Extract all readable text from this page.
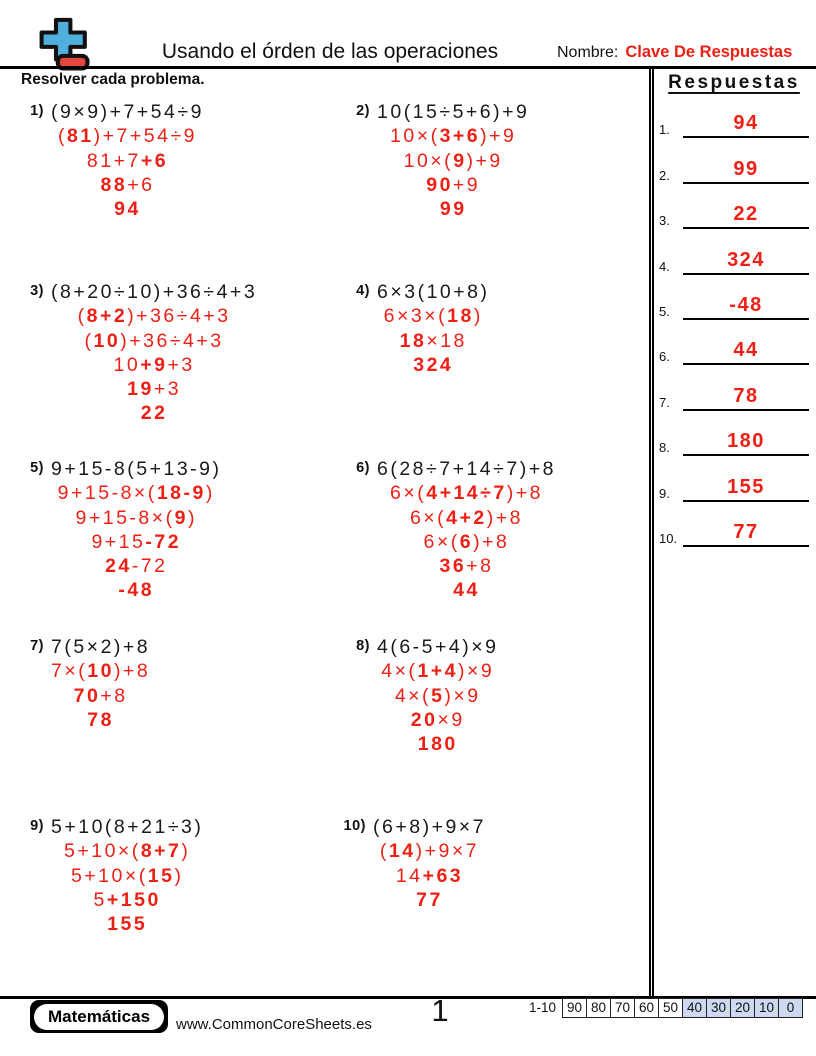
Usando el órden de las operaciones	Nombre: Clave De Respuestas
Resolver cada problema.
1) (9×9)+7+54÷9
(81)+7+54÷9
81+7+6
88+6
94
2) 10(15÷5+6)+9
10×(3+6)+9
10×(9)+9
90+9
99
3) (8+20÷10)+36÷4+3
(8+2)+36÷4+3
(10)+36÷4+3
10+9+3
19+3
22
4) 6×3(10+8)
6×3×(18)
18×18
324
5) 9+15-8(5+13-9)
9+15-8×(18-9)
9+15-8×(9)
9+15-72
24-72
-48
6) 6(28÷7+14÷7)+8
6×(4+14÷7)+8
6×(4+2)+8
6×(6)+8
36+8
44
7) 7(5×2)+8
7×(10)+8
70+8
78
8) 4(6-5+4)×9
4×(1+4)×9
4×(5)×9
20×9
180
9) 5+10(8+21÷3)
5+10×(8+7)
5+10×(15)
5+150
155
10) (6+8)+9×7
(14)+9×7
14+63
77
Respuestas
1.	94
2.	99
3.	22
4.	324
5.	-48
6.	44
7.	78
8.	180
9.	155
10.	77
Matemáticas	www.CommonCoreSheets.es	1	1-10 90 80 70 60 50 40 30 20 10 0
